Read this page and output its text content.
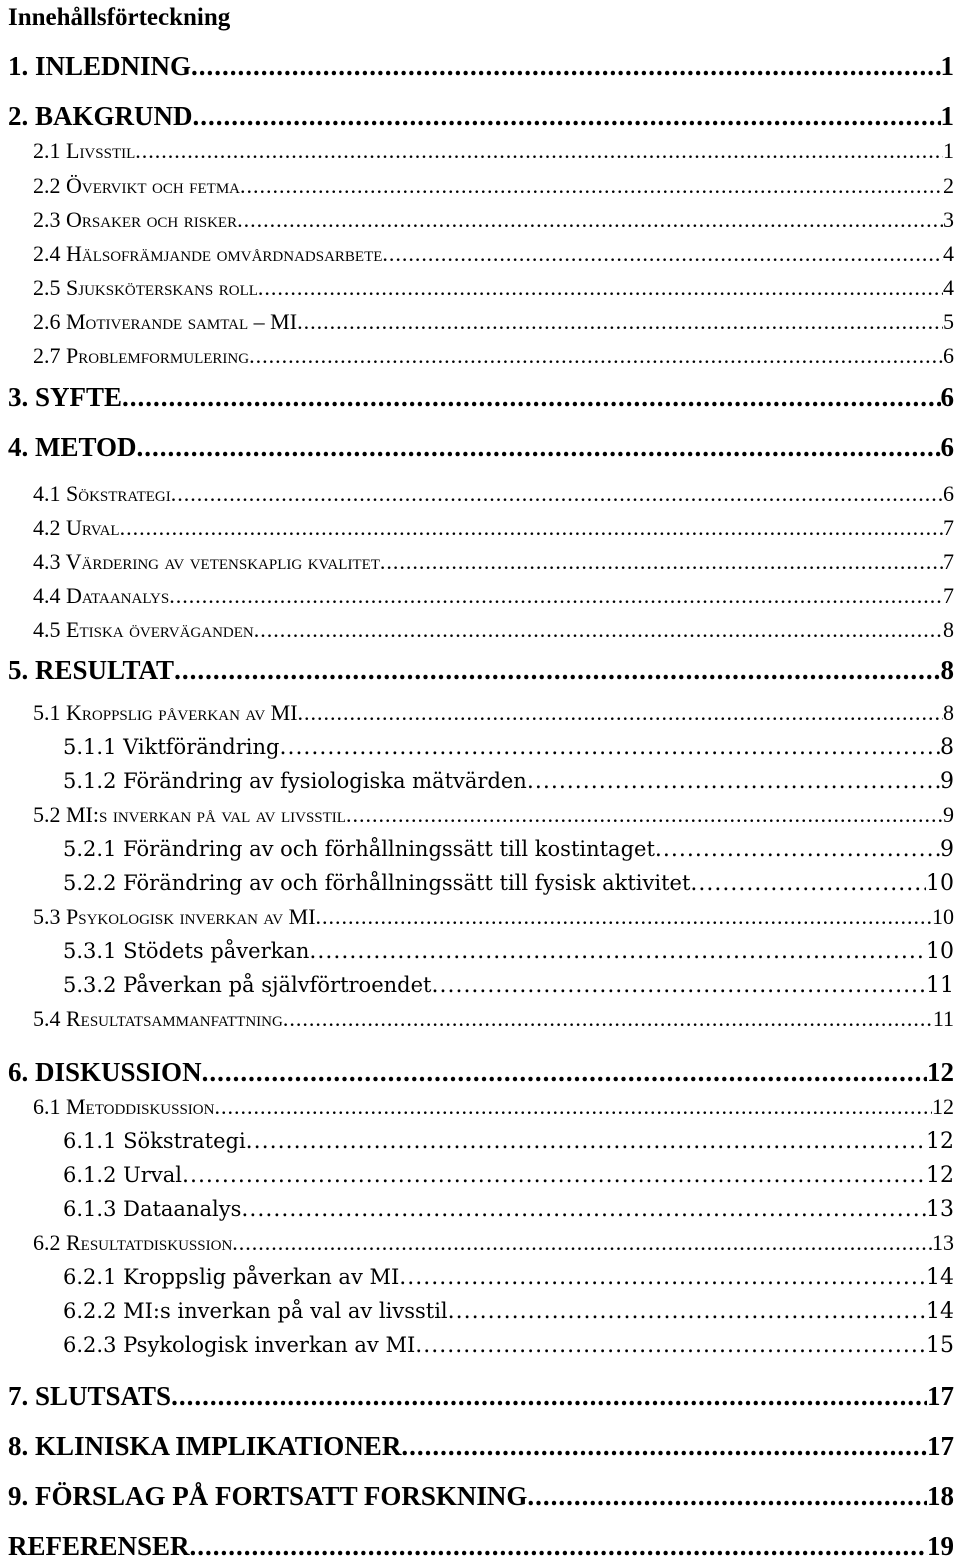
Innehållsförteckning
1. INLEDNING .....	1
2. BAKGRUND .....	1
2.1 Livsstil .....	1
2.2 Övervikt och fetma .....	2
2.3 Orsaker och risker .....	3
2.4 Hälsofrämjande omvårdnadsarbete .....	4
2.5 Sjuksköterskans roll .....	4
2.6 Motiverande samtal – MI .....	5
2.7 Problemformulering .....	6
3. SYFTE .....	6
4. METOD .....	6
4.1 Sökstrategi .....	6
4.2 Urval .....	7
4.3 Värdering av vetenskaplig kvalitet .....	7
4.4 Dataanalys .....	7
4.5 Etiska överväganden .....	8
5. RESULTAT .....	8
5.1 Kroppslig påverkan av MI .....	8
5.1.1 Viktförändring .....	8
5.1.2 Förändring av fysiologiska mätvärden .....	9
5.2 MI:s inverkan på val av livsstil .....	9
5.2.1 Förändring av och förhållningssätt till kostintaget .....	9
5.2.2 Förändring av och förhållningssätt till fysisk aktivitet .....	10
5.3 Psykologisk inverkan av MI .....	10
5.3.1 Stödets påverkan .....	10
5.3.2 Påverkan på självförtroendet .....	11
5.4 Resultatsammanfattning .....	11
6. DISKUSSION .....	12
6.1 Metoddiskussion .....	12
6.1.1 Sökstrategi .....	12
6.1.2 Urval .....	12
6.1.3 Dataanalys .....	13
6.2 Resultatdiskussion .....	13
6.2.1 Kroppslig påverkan av MI .....	14
6.2.2 MI:s inverkan på val av livsstil .....	14
6.2.3 Psykologisk inverkan av MI .....	15
7. SLUTSATS .....	17
8. KLINISKA IMPLIKATIONER .....	17
9. FÖRSLAG PÅ FORTSATT FORSKNING .....	18
REFERENSER .....	19
